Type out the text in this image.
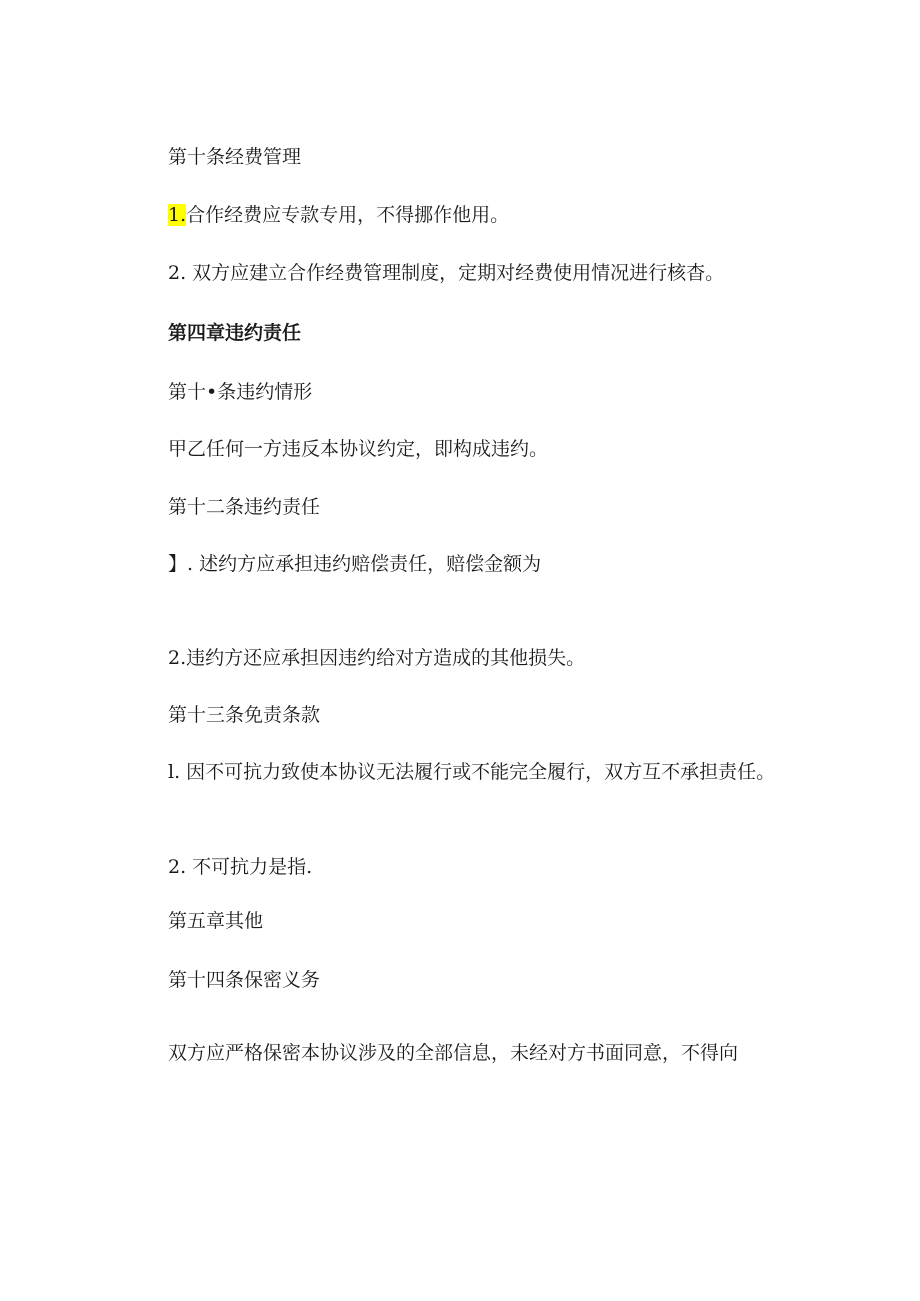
第十条经费管理

1.合作经费应专款专用，不得挪作他用。

2. 双方应建立合作经费管理制度，定期对经费使用情况进行核杳。

第四章违约责任

第十•条违约情形

甲乙任何一方违反本协议约定，即构成违约。

第十二条违约责任

】. 述约方应承担违约赔偿责任，赔偿金额为

2.违约方还应承担因违约给对方造成的其他损失。

第十三条免责条款

l. 因不可抗力致使本协议无法履行或不能完全履行，双方互不承担责任。

2. 不可抗力是指.

第五章其他

第十四条保密义务

双方应严格保密本协议涉及的全部信息，未经对方书面同意，不得向
